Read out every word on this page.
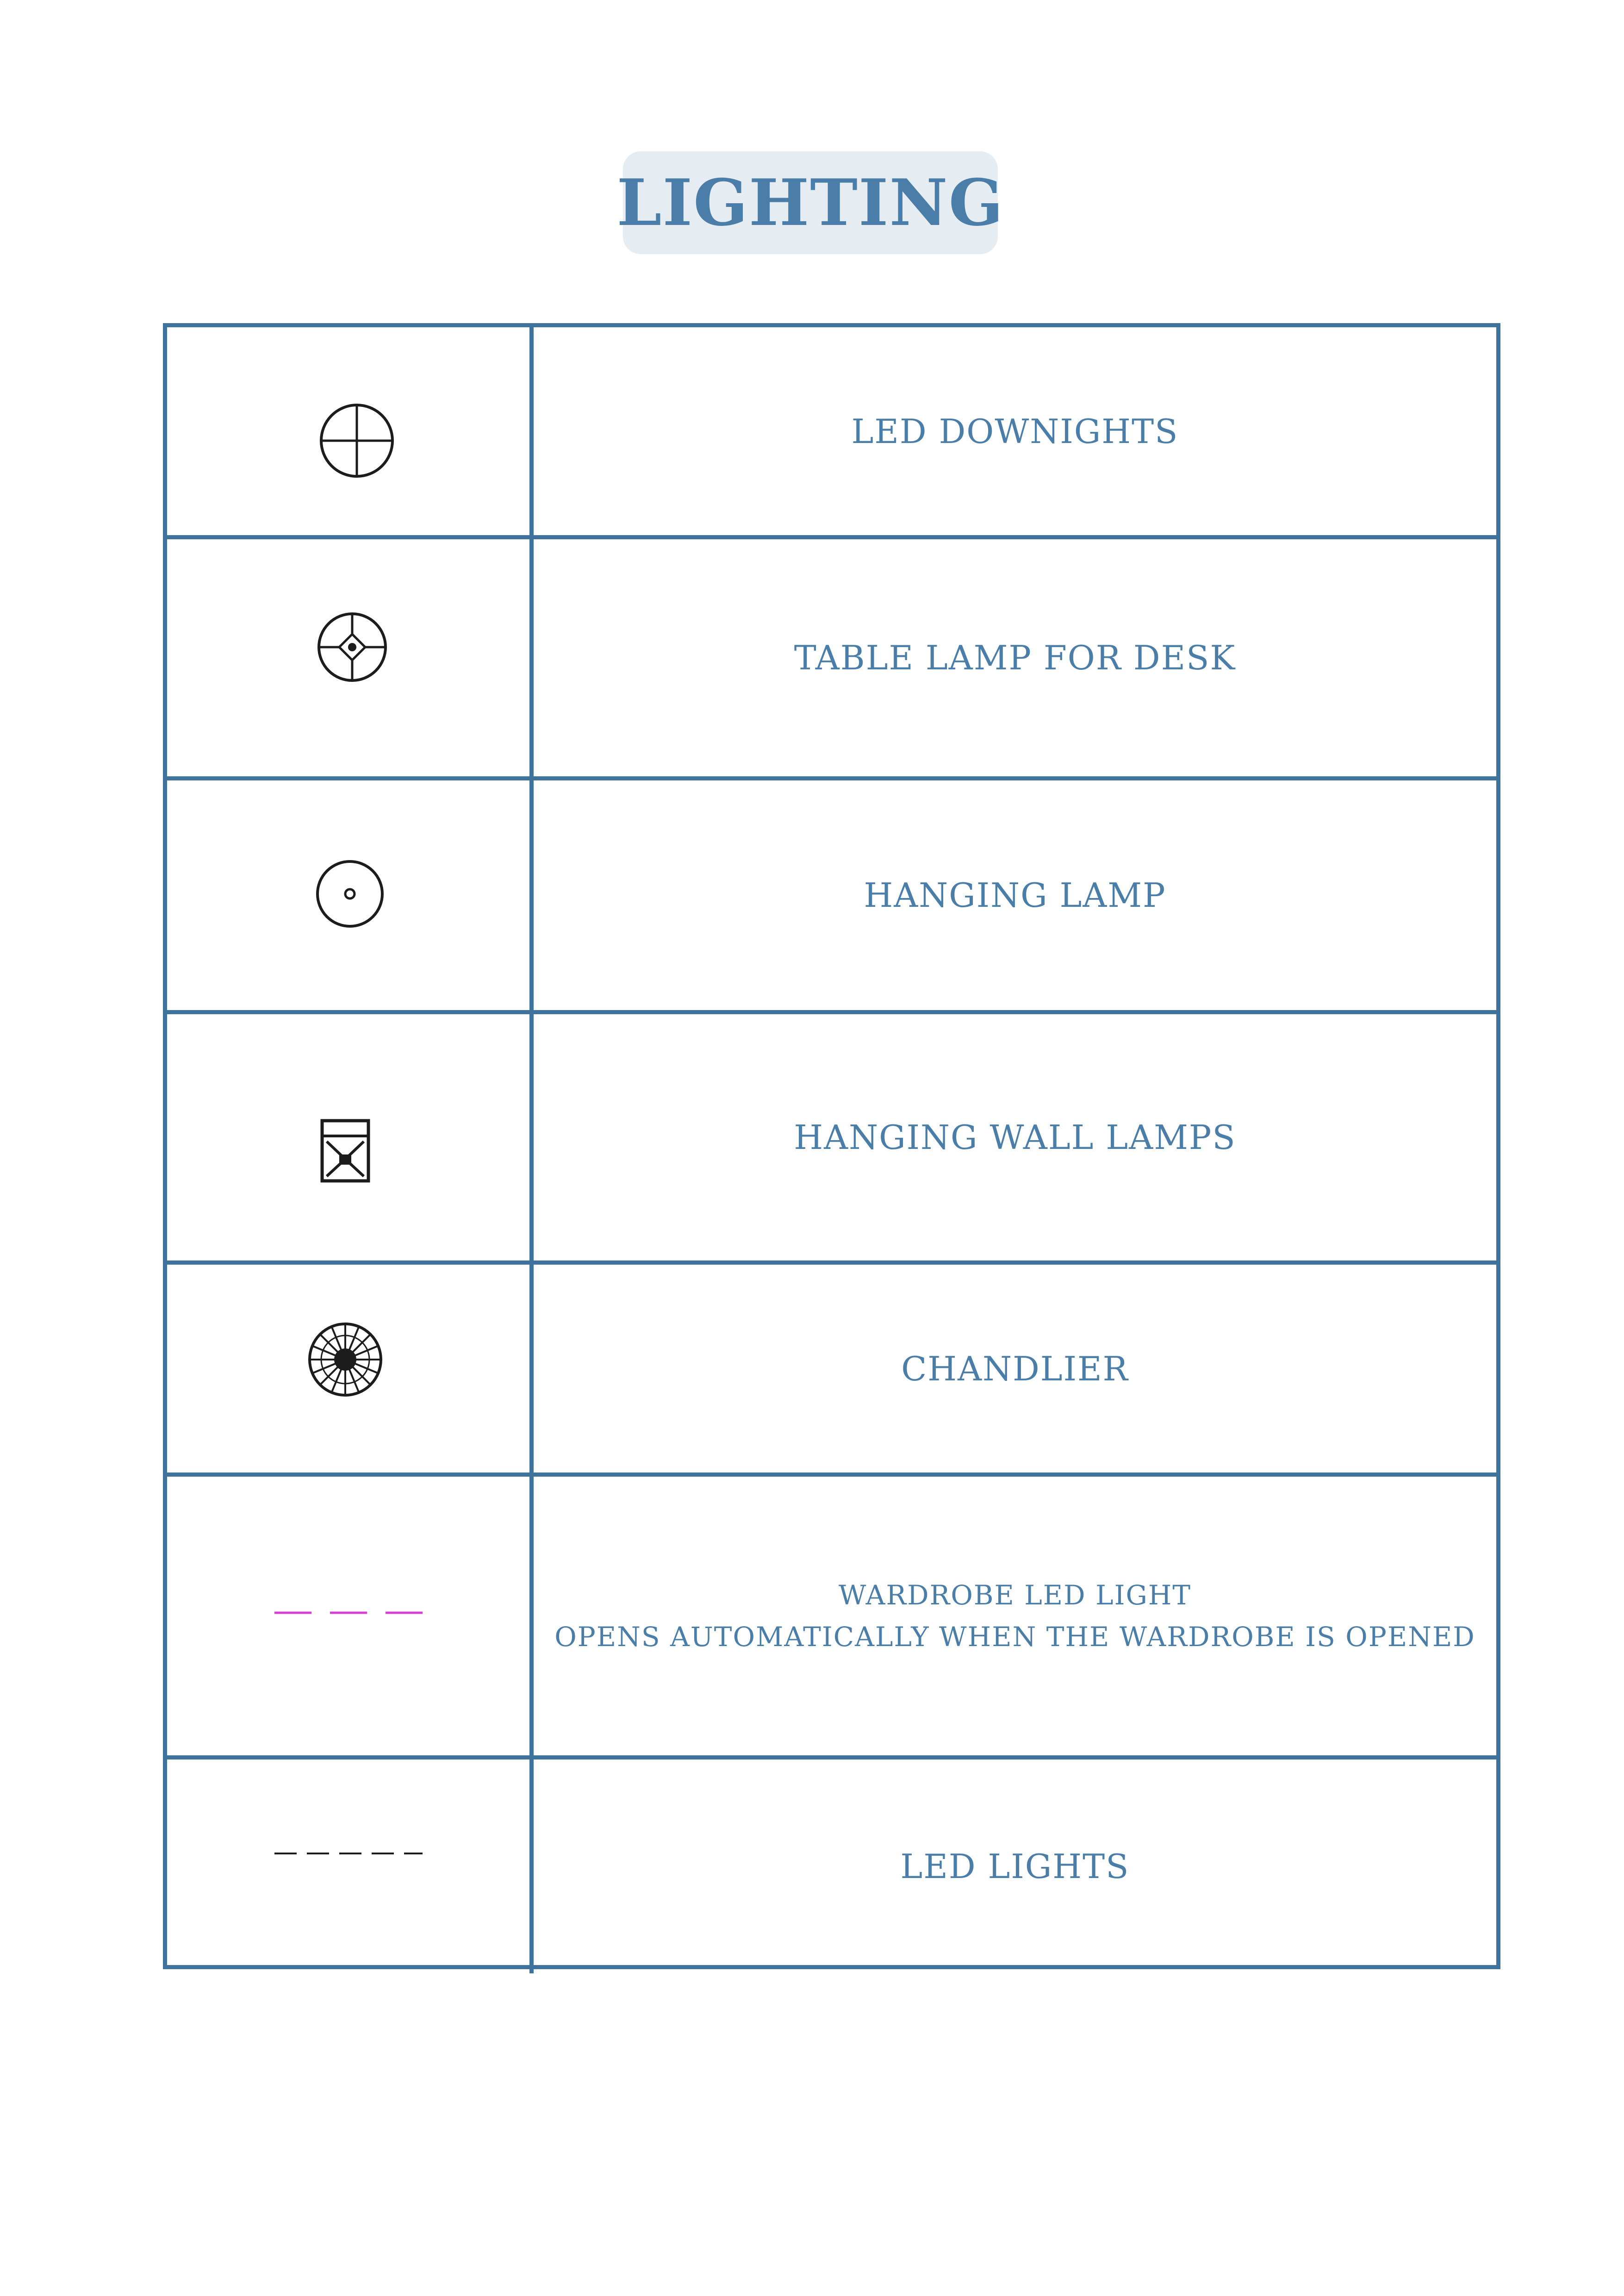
LIGHTING
LED DOWNIGHTS
TABLE LAMP FOR DESK
HANGING LAMP
HANGING WALL LAMPS
CHANDLIER
WARDROBE LED LIGHT
OPENS AUTOMATICALLY WHEN THE WARDROBE IS OPENED
LED LIGHTS
